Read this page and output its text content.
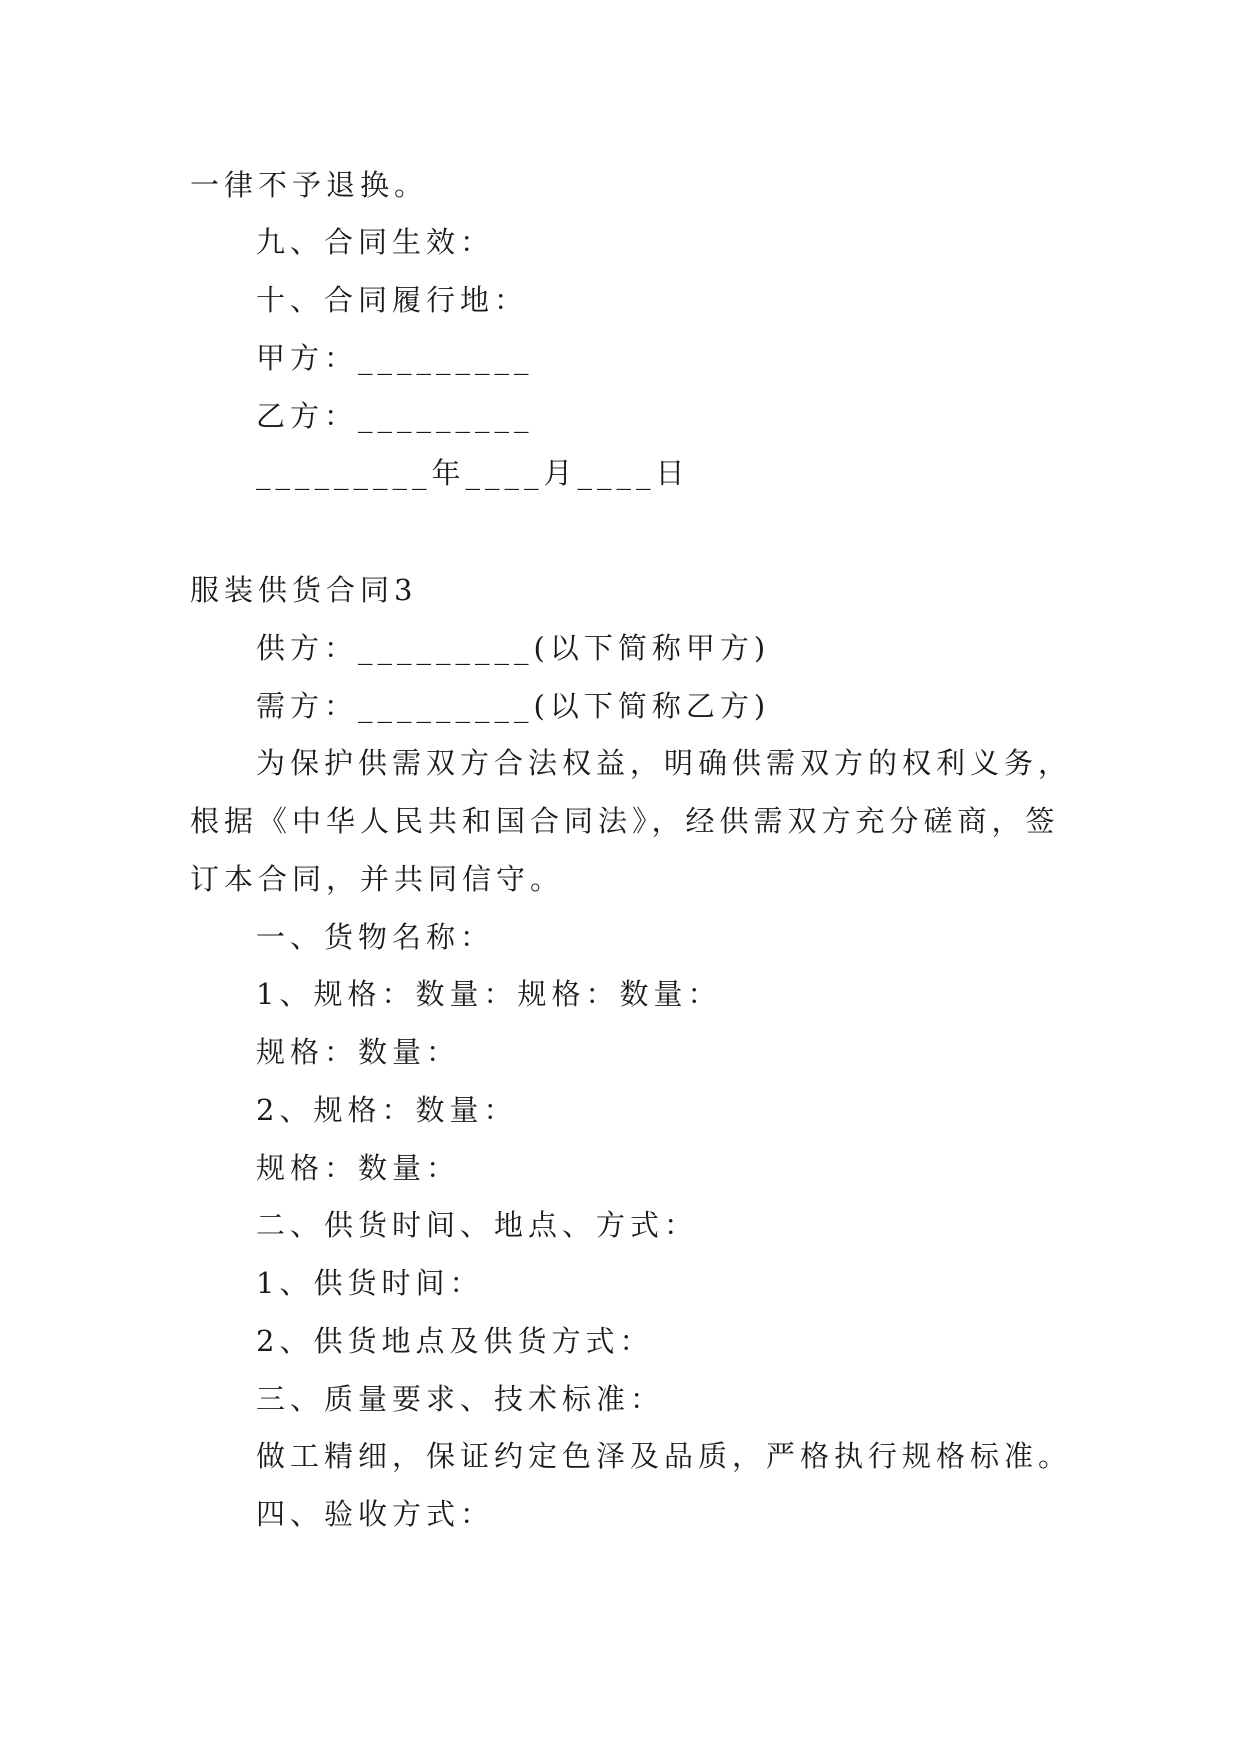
一律不予退换。
九、合同生效：
十、合同履行地：
甲方：_________
乙方：_________
_________年____月____日
服装供货合同3
供方：_________(以下简称甲方)
需方：_________(以下简称乙方)
为保护供需双方合法权益，明确供需双方的权利义务，
根据《中华人民共和国合同法》，经供需双方充分磋商，签
订本合同，并共同信守。
一、货物名称：
1、规格：数量：规格：数量：
规格：数量：
2、规格：数量：
规格：数量：
二、供货时间、地点、方式：
1、供货时间：
2、供货地点及供货方式：
三、质量要求、技术标准：
做工精细，保证约定色泽及品质，严格执行规格标准。
四、验收方式：
